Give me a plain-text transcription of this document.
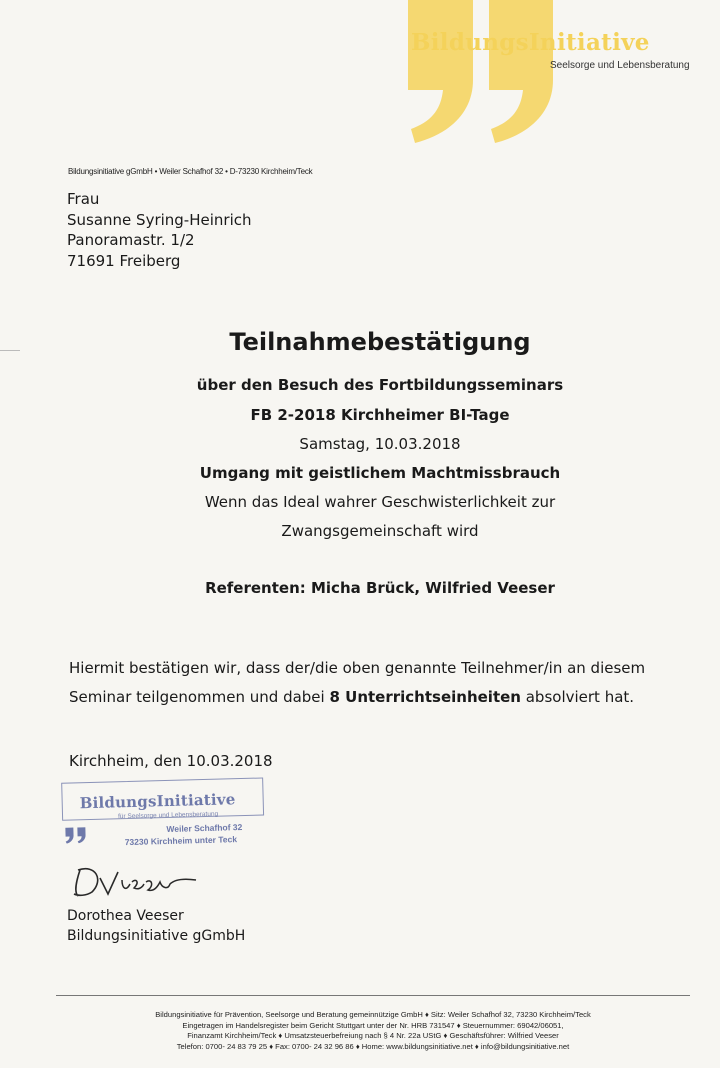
BildungsInitiative
Seelsorge und Lebensberatung
Bildungsinitiative gGmbH • Weiler Schafhof 32 • D-73230 Kirchheim/Teck
Frau
Susanne Syring-Heinrich
Panoramastr. 1/2
71691 Freiberg
Teilnahmebestätigung
über den Besuch des Fortbildungsseminars
FB 2-2018 Kirchheimer BI-Tage
Samstag, 10.03.2018
Umgang mit geistlichem Machtmissbrauch
Wenn das Ideal wahrer Geschwisterlichkeit zur
Zwangsgemeinschaft wird
Referenten: Micha Brück, Wilfried Veeser
Hiermit bestätigen wir, dass der/die oben genannte Teilnehmer/in an diesem
Seminar teilgenommen und dabei 8 Unterrichtseinheiten absolviert hat.
Kirchheim, den 10.03.2018
BildungsInitiative
für Seelsorge und Lebensberatung
Weiler Schafhof 32
73230 Kirchheim unter Teck
Dorothea Veeser
Bildungsinitiative gGmbH
Bildungsinitiative für Prävention, Seelsorge und Beratung gemeinnützige GmbH ♦ Sitz: Weiler Schafhof 32, 73230 Kirchheim/Teck
Eingetragen im Handelsregister beim Gericht Stuttgart unter der Nr. HRB 731547 ♦ Steuernummer: 69042/06051,
Finanzamt Kirchheim/Teck ♦ Umsatzsteuerbefreiung nach § 4 Nr. 22a UStG ♦ Geschäftsführer: Wilfried Veeser
Telefon: 0700- 24 83 79 25 ♦ Fax: 0700- 24 32 96 86 ♦ Home: www.bildungsinitiative.net ♦ info@bildungsinitiative.net
